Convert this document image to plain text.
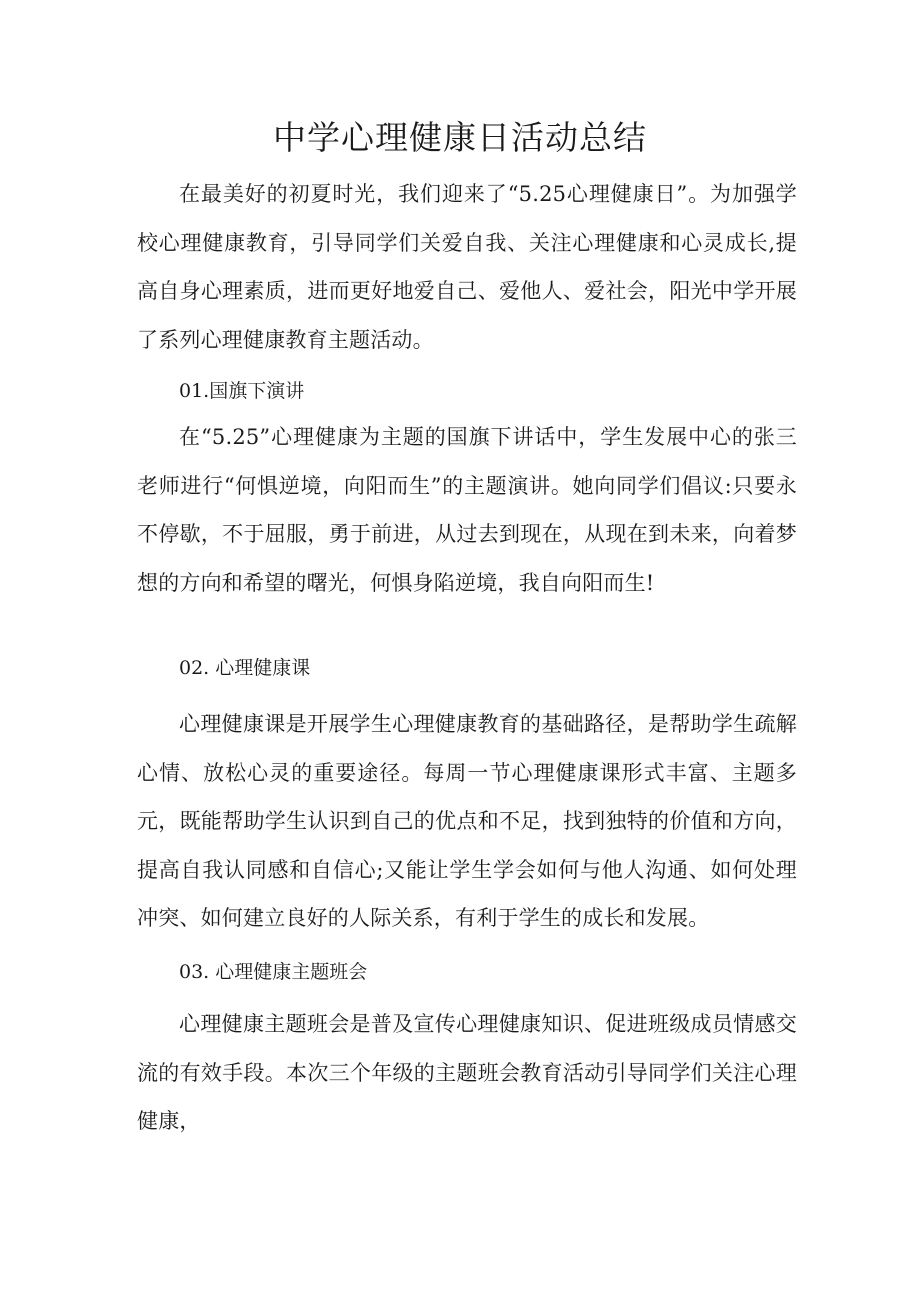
中学心理健康日活动总结

在最美好的初夏时光，我们迎来了“5.25心理健康日”。为加强学校心理健康教育，引导同学们关爱自我、关注心理健康和心灵成长,提高自身心理素质，进而更好地爱自己、爱他人、爱社会，阳光中学开展了系列心理健康教育主题活动。

01.国旗下演讲

在“5.25”心理健康为主题的国旗下讲话中，学生发展中心的张三老师进行“何惧逆境，向阳而生”的主题演讲。她向同学们倡议:只要永不停歇，不于屈服，勇于前进，从过去到现在，从现在到未来，向着梦想的方向和希望的曙光，何惧身陷逆境，我自向阳而生!

02. 心理健康课

心理健康课是开展学生心理健康教育的基础路径，是帮助学生疏解心情、放松心灵的重要途径。每周一节心理健康课形式丰富、主题多元，既能帮助学生认识到自己的优点和不足，找到独特的价值和方向，提高自我认同感和自信心;又能让学生学会如何与他人沟通、如何处理冲突、如何建立良好的人际关系，有利于学生的成长和发展。

03. 心理健康主题班会

心理健康主题班会是普及宣传心理健康知识、促进班级成员情感交流的有效手段。本次三个年级的主题班会教育活动引导同学们关注心理健康，
